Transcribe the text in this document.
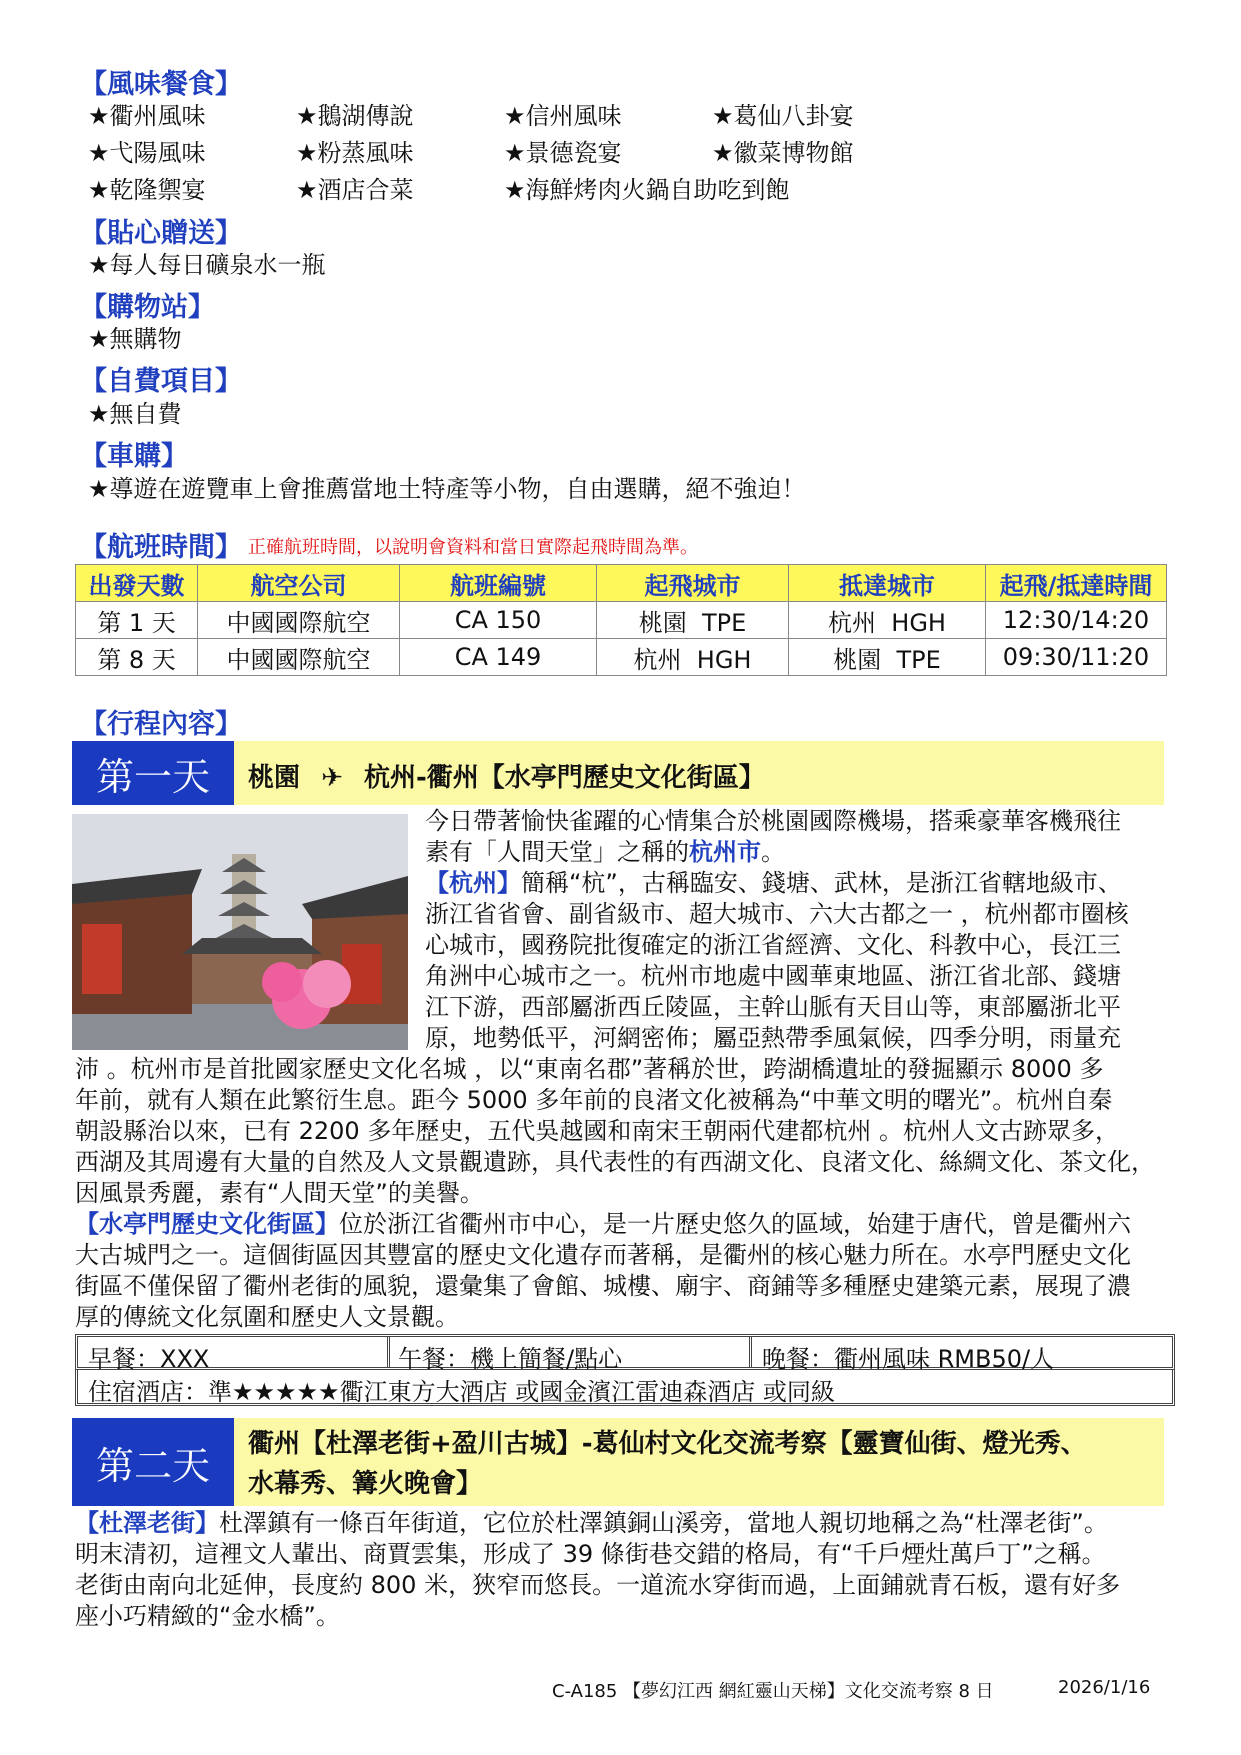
【風味餐食】
★衢州風味	★鵝湖傳說	★信州風味	★葛仙八卦宴
★弋陽風味	★粉蒸風味	★景德瓷宴	★徽菜博物館
★乾隆禦宴	★酒店合菜	★海鮮烤肉火鍋自助吃到飽
【貼心贈送】
★每人每日礦泉水一瓶
【購物站】
★無購物
【自費項目】
★無自費
【車購】
★導遊在遊覽車上會推薦當地土特產等小物，自由選購，絕不強迫！
【航班時間】 正確航班時間，以說明會資料和當日實際起飛時間為準。
出發天數	航空公司	航班編號	起飛城市	抵達城市	起飛/抵達時間
第 1 天	中國國際航空	CA 150	桃園  TPE	杭州  HGH	12:30/14:20
第 8 天	中國國際航空	CA 149	杭州  HGH	桃園  TPE	09:30/11:20
【行程內容】
第一天	桃園 ✈ 杭州-衢州【水亭門歷史文化街區】
今日帶著愉快雀躍的心情集合於桃園國際機場，搭乘豪華客機飛往
素有「人間天堂」之稱的杭州市。
【杭州】簡稱“杭”，古稱臨安、錢塘、武林，是浙江省轄地級市、
浙江省省會、副省級市、超大城市、六大古都之一 ，杭州都市圈核
心城市，國務院批復確定的浙江省經濟、文化、科教中心，長江三
角洲中心城市之一。杭州市地處中國華東地區、浙江省北部、錢塘
江下游，西部屬浙西丘陵區，主幹山脈有天目山等，東部屬浙北平
原，地勢低平，河網密佈；屬亞熱帶季風氣候，四季分明，雨量充
沛 。杭州市是首批國家歷史文化名城 ，以“東南名郡”著稱於世，跨湖橋遺址的發掘顯示 8000 多
年前，就有人類在此繁衍生息。距今 5000 多年前的良渚文化被稱為“中華文明的曙光”。杭州自秦
朝設縣治以來，已有 2200 多年歷史，五代吳越國和南宋王朝兩代建都杭州 。杭州人文古跡眾多，
西湖及其周邊有大量的自然及人文景觀遺跡，具代表性的有西湖文化、良渚文化、絲綢文化、茶文化，
因風景秀麗，素有“人間天堂”的美譽。
【水亭門歷史文化街區】位於浙江省衢州市中心，是一片歷史悠久的區域，始建于唐代，曾是衢州六
大古城門之一。這個街區因其豐富的歷史文化遺存而著稱，是衢州的核心魅力所在。水亭門歷史文化
街區不僅保留了衢州老街的風貌，還彙集了會館、城樓、廟宇、商鋪等多種歷史建築元素，展現了濃
厚的傳統文化氛圍和歷史人文景觀。
早餐：XXX	午餐：機上簡餐/點心	晚餐：衢州風味 RMB50/人
住宿酒店：準★★★★★衢江東方大酒店 或國金濱江雷迪森酒店 或同級
第二天	衢州【杜澤老街+盈川古城】-葛仙村文化交流考察【靈寶仙街、燈光秀、
水幕秀、篝火晚會】
【杜澤老街】杜澤鎮有一條百年街道，它位於杜澤鎮銅山溪旁，當地人親切地稱之為“杜澤老街”。
明末清初，這裡文人輩出、商賈雲集，形成了 39 條街巷交錯的格局，有“千戶煙灶萬戶丁”之稱。
老街由南向北延伸，長度約 800 米，狹窄而悠長。一道流水穿街而過，上面鋪就青石板，還有好多
座小巧精緻的“金水橋”。
C-A185 【夢幻江西 網紅靈山天梯】文化交流考察 8 日	2026/1/16
